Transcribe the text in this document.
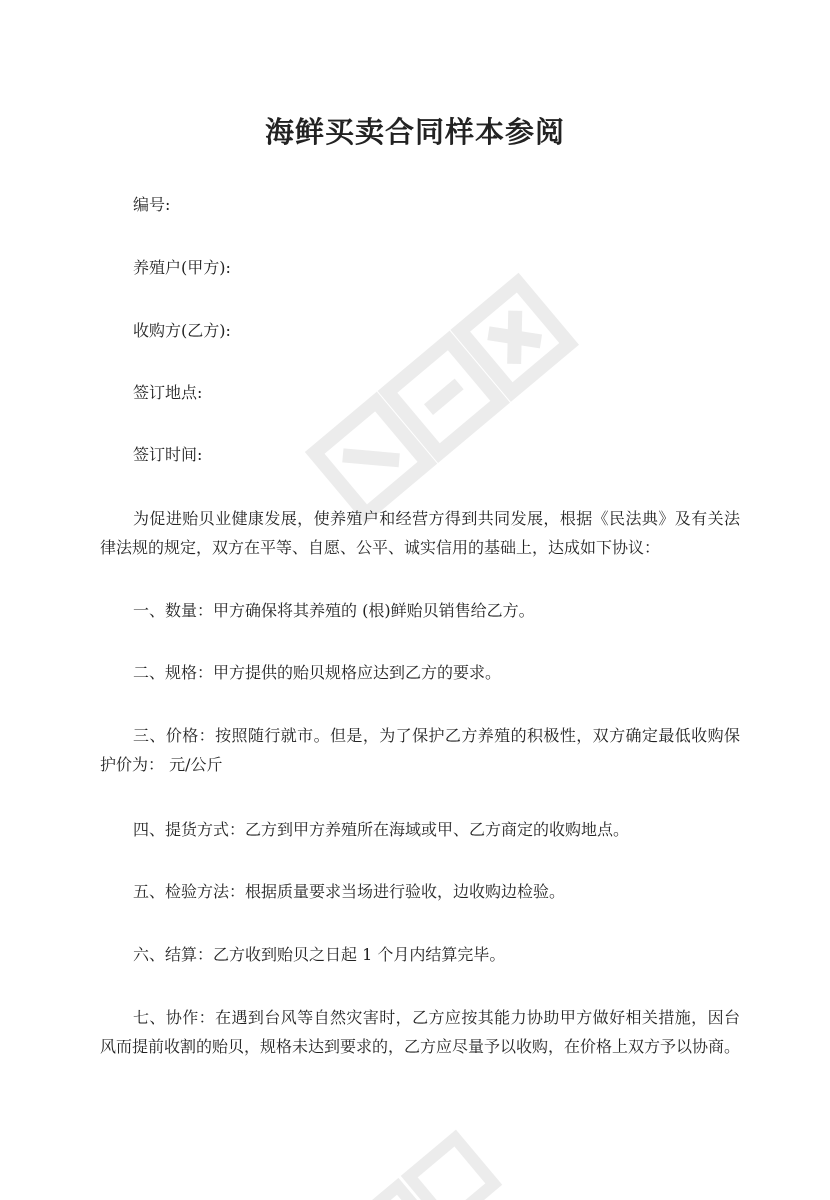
海鲜买卖合同样本参阅
编号:
养殖户(甲方):
收购方(乙方):
签订地点:
签订时间:
为促进贻贝业健康发展，使养殖户和经营方得到共同发展，根据《民法典》及有关法律法规的规定，双方在平等、自愿、公平、诚实信用的基础上，达成如下协议：
一、数量：甲方确保将其养殖的 (根)鲜贻贝销售给乙方。
二、规格：甲方提供的贻贝规格应达到乙方的要求。
三、价格：按照随行就市。但是，为了保护乙方养殖的积极性，双方确定最低收购保护价为： 元/公斤
四、提货方式：乙方到甲方养殖所在海域或甲、乙方商定的收购地点。
五、检验方法：根据质量要求当场进行验收，边收购边检验。
六、结算：乙方收到贻贝之日起 1 个月内结算完毕。
七、协作：在遇到台风等自然灾害时，乙方应按其能力协助甲方做好相关措施，因台风而提前收割的贻贝，规格未达到要求的，乙方应尽量予以收购，在价格上双方予以协商。
